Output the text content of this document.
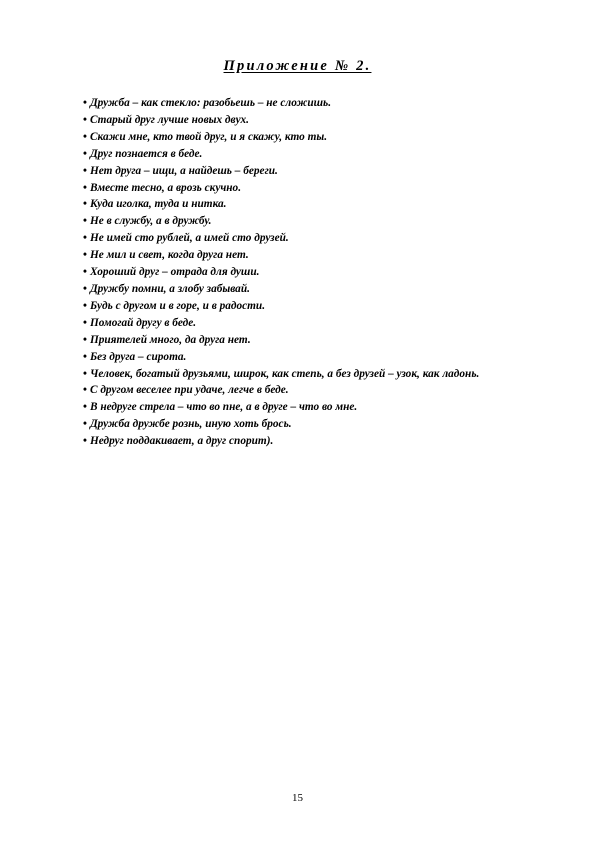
Приложение № 2.
• Дружба – как стекло: разобьешь – не сложишь.
• Старый друг лучше новых двух.
• Скажи мне, кто твой друг, и я скажу, кто ты.
• Друг познается в беде.
• Нет друга – ищи, а найдешь – береги.
• Вместе тесно, а врозь скучно.
• Куда иголка, туда и нитка.
• Не в службу, а в дружбу.
• Не имей сто рублей, а имей сто друзей.
• Не мил и свет, когда друга нет.
• Хороший друг – отрада для души.
• Дружбу помни, а злобу забывай.
• Будь с другом и в горе, и в радости.
• Помогай другу в беде.
• Приятелей много, да друга нет.
• Без друга – сирота.
• Человек, богатый друзьями, широк, как степь, а без друзей – узок, как ладонь.
• С другом веселее при удаче, легче в беде.
• В недруге стрела – что во пне, а в друге – что во мне.
• Дружба дружбе рознь, иную хоть брось.
• Недруг поддакивает, а друг спорит).
15
